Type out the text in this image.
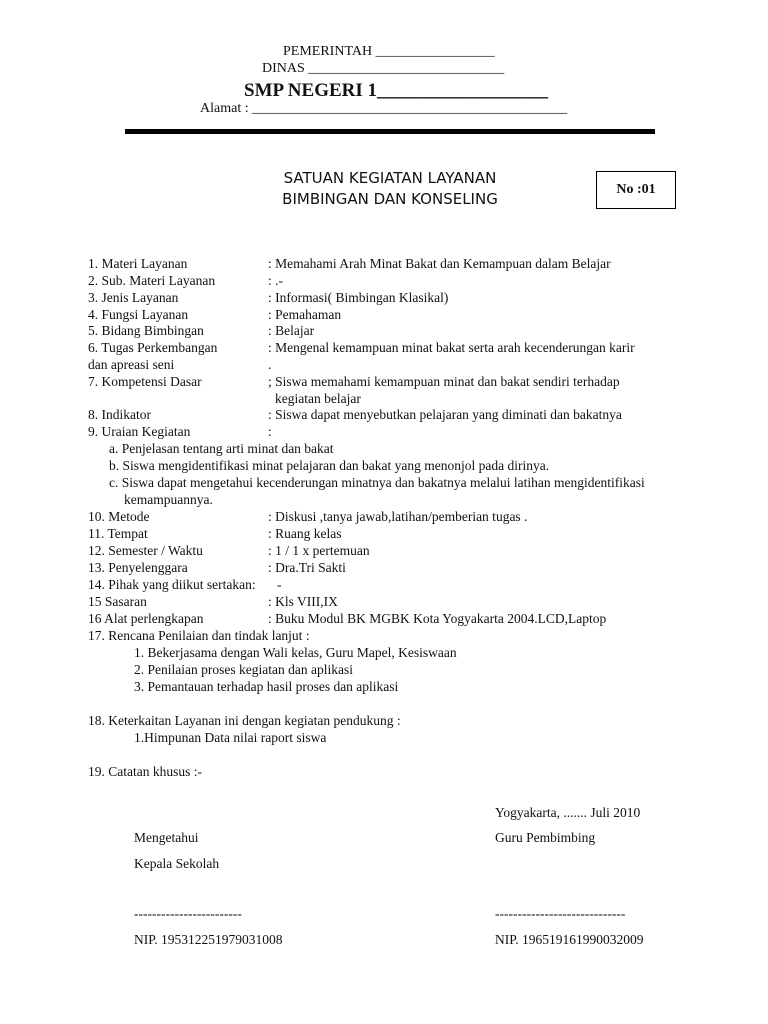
PEMERINTAH _________________
DINAS ____________________________
SMP NEGERI 1__________________
Alamat : _____________________________________________
SATUAN KEGIATAN LAYANAN
BIMBINGAN DAN KONSELING
No :01
1. Materi Layanan	: Memahami Arah Minat Bakat dan Kemampuan dalam Belajar
2. Sub. Materi Layanan	: .-
3. Jenis Layanan	: Informasi( Bimbingan Klasikal)
4. Fungsi Layanan	: Pemahaman
5. Bidang Bimbingan	: Belajar
6. Tugas Perkembangan	: Mengenal kemampuan minat bakat serta arah kecenderungan karir
dan apreasi seni	.
7. Kompetensi Dasar	; Siswa memahami kemampuan minat dan bakat sendiri terhadap
kegiatan belajar
8. Indikator	: Siswa dapat menyebutkan pelajaran yang diminati dan bakatnya
9. Uraian Kegiatan	:
a. Penjelasan tentang arti minat dan bakat
b. Siswa mengidentifikasi minat pelajaran dan bakat yang menonjol pada dirinya.
c. Siswa dapat mengetahui kecenderungan minatnya dan bakatnya melalui latihan mengidentifikasi
kemampuannya.
10. Metode	: Diskusi ,tanya jawab,latihan/pemberian tugas .
11. Tempat	: Ruang kelas
12. Semester / Waktu	: 1 / 1 x pertemuan
13. Penyelenggara	: Dra.Tri Sakti
14. Pihak yang diikut sertakan: -
15 Sasaran	: Kls VIII,IX
16 Alat perlengkapan	: Buku Modul BK MGBK Kota Yogyakarta 2004.LCD,Laptop
17. Rencana Penilaian dan tindak lanjut :
1. Bekerjasama dengan Wali kelas, Guru Mapel, Kesiswaan
2. Penilaian proses kegiatan dan aplikasi
3. Pemantauan terhadap hasil proses dan aplikasi
18. Keterkaitan Layanan ini dengan kegiatan pendukung :
1.Himpunan Data nilai raport siswa
19. Catatan khusus :-
Yogyakarta, ....... Juli 2010
Mengetahui	Guru Pembimbing
Kepala Sekolah
------------------------	-----------------------------
NIP. 195312251979031008	NIP. 196519161990032009
